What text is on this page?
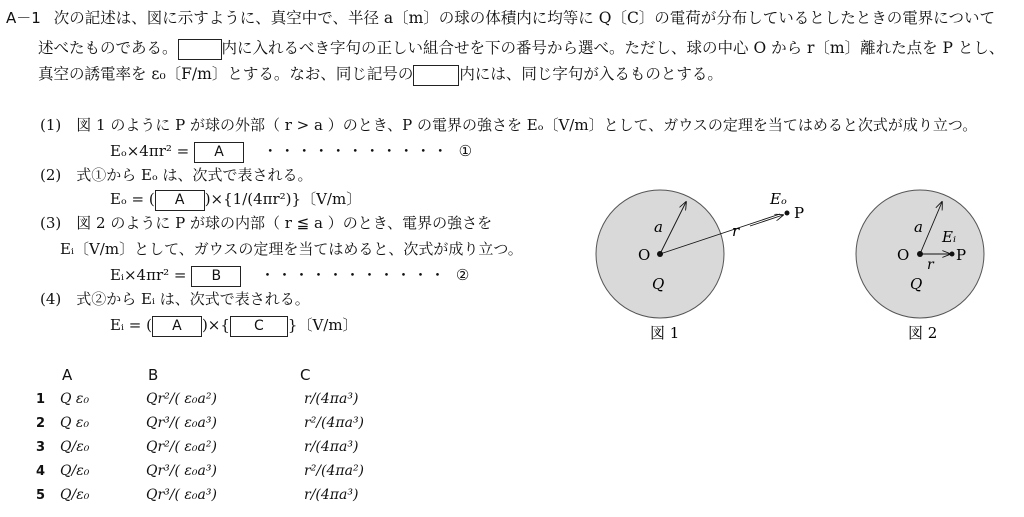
A－1 次の記述は、図に示すように、真空中で、半径 a〔m〕の球の体積内に均等に Q〔C〕の電荷が分布しているとしたときの電界について
述べたものである。	内に入れるべき字句の正しい組合せを下の番号から選べ。ただし、球の中心 O から r〔m〕離れた点を P とし、
真空の誘電率を ε₀〔F/m〕とする。なお、同じ記号の	内には、同じ字句が入るものとする。
(1)　図 1 のように P が球の外部（ r > a ）のとき、P の電界の強さを Eₒ〔V/m〕として、ガウスの定理を当てはめると次式が成り立つ。
Eₒ×4πr² = A	・・・・・・・・・・・ ①
(2)　式①から Eₒ は、次式で表される。
Eₒ = ( A )×{1/(4πr²)}〔V/m〕
(3)　図 2 のように P が球の内部（ r ≦ a ）のとき、電界の強さを
Eᵢ〔V/m〕として、ガウスの定理を当てはめると、次式が成り立つ。
Eᵢ×4πr² = B	・・・・・・・・・・・ ②
(4)　式②から Eᵢ は、次式で表される。
Eᵢ = ( A )×{ C }〔V/m〕
a
O
Q
r
Eₒ
P
図 1
a
O
Q
r
Eᵢ
P
図 2
A	B	C
1 Q ε₀	Qr²/( ε₀a²)	r/(4πa³)
2 Q ε₀	Qr³/( ε₀a³)	r²/(4πa³)
3 Q/ε₀	Qr²/( ε₀a²)	r/(4πa³)
4 Q/ε₀	Qr³/( ε₀a³)	r²/(4πa²)
5 Q/ε₀	Qr³/( ε₀a³)	r/(4πa³)
